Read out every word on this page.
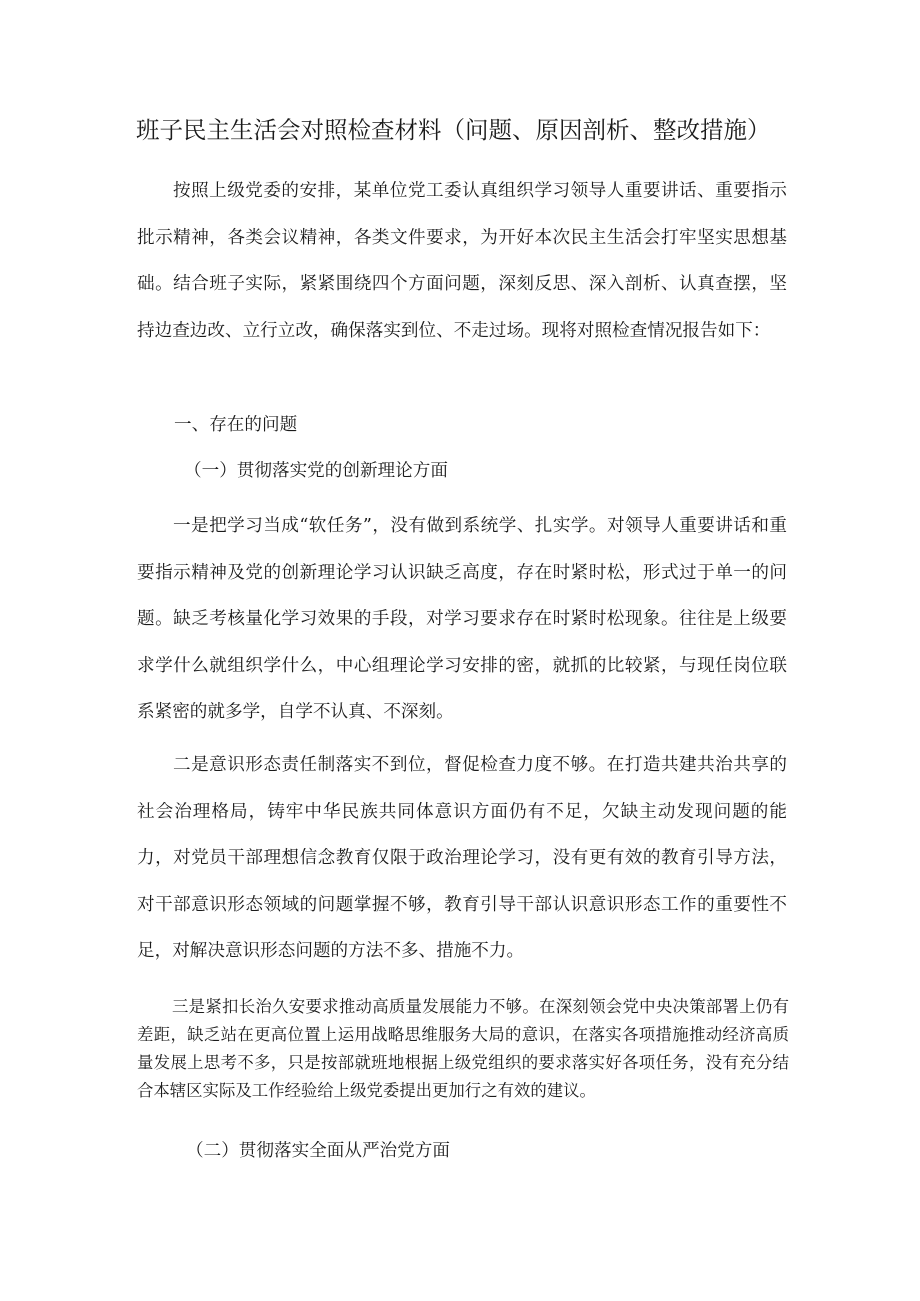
班子民主生活会对照检查材料（问题、原因剖析、整改措施）

按照上级党委的安排，某单位党工委认真组织学习领导人重要讲话、重要指示批示精神，各类会议精神，各类文件要求，为开好本次民主生活会打牢坚实思想基础。结合班子实际，紧紧围绕四个方面问题，深刻反思、深入剖析、认真查摆，坚持边查边改、立行立改，确保落实到位、不走过场。现将对照检查情况报告如下：

一、存在的问题

（一）贯彻落实党的创新理论方面

一是把学习当成“软任务”，没有做到系统学、扎实学。对领导人重要讲话和重要指示精神及党的创新理论学习认识缺乏高度，存在时紧时松，形式过于单一的问题。缺乏考核量化学习效果的手段，对学习要求存在时紧时松现象。往往是上级要求学什么就组织学什么，中心组理论学习安排的密，就抓的比较紧，与现任岗位联系紧密的就多学，自学不认真、不深刻。

二是意识形态责任制落实不到位，督促检查力度不够。在打造共建共治共享的社会治理格局，铸牢中华民族共同体意识方面仍有不足，欠缺主动发现问题的能力，对党员干部理想信念教育仅限于政治理论学习，没有更有效的教育引导方法，对干部意识形态领域的问题掌握不够，教育引导干部认识意识形态工作的重要性不足，对解决意识形态问题的方法不多、措施不力。

三是紧扣长治久安要求推动高质量发展能力不够。在深刻领会党中央决策部署上仍有差距，缺乏站在更高位置上运用战略思维服务大局的意识，在落实各项措施推动经济高质量发展上思考不多，只是按部就班地根据上级党组织的要求落实好各项任务，没有充分结合本辖区实际及工作经验给上级党委提出更加行之有效的建议。

（二）贯彻落实全面从严治党方面
